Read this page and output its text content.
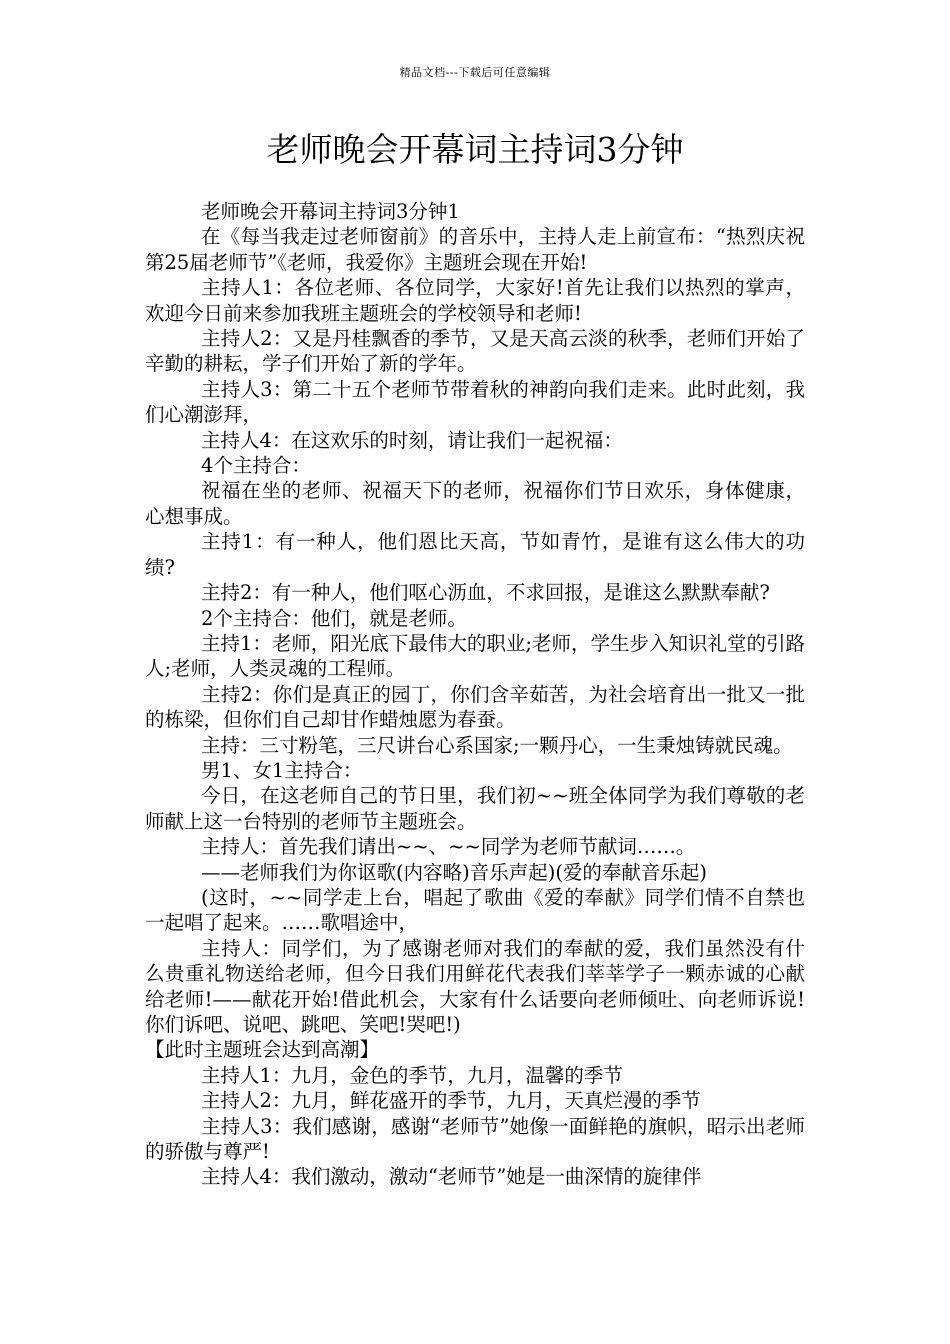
精品文档---下载后可任意编辑
老师晚会开幕词主持词3分钟

老师晚会开幕词主持词3分钟1

在《每当我走过老师窗前》的音乐中，主持人走上前宣布：“热烈庆祝第25届老师节”《老师，我爱你》主题班会现在开始!

主持人1：各位老师、各位同学，大家好!首先让我们以热烈的掌声，欢迎今日前来参加我班主题班会的学校领导和老师!

主持人2：又是丹桂飘香的季节，又是天高云淡的秋季，老师们开始了辛勤的耕耘，学子们开始了新的学年。

主持人3：第二十五个老师节带着秋的神韵向我们走来。此时此刻，我们心潮澎拜，

主持人4：在这欢乐的时刻，请让我们一起祝福：

4个主持合：

祝福在坐的老师、祝福天下的老师，祝福你们节日欢乐，身体健康，心想事成。

主持1：有一种人，他们恩比天高，节如青竹，是谁有这么伟大的功绩?

主持2：有一种人，他们呕心沥血，不求回报，是谁这么默默奉献?

2个主持合：他们，就是老师。

主持1：老师，阳光底下最伟大的职业;老师，学生步入知识礼堂的引路人;老师，人类灵魂的工程师。

主持2：你们是真正的园丁，你们含辛茹苦，为社会培育出一批又一批的栋梁，但你们自己却甘作蜡烛愿为春蚕。

主持：三寸粉笔，三尺讲台心系国家;一颗丹心，一生秉烛铸就民魂。

男1、女1主持合：

今日，在这老师自己的节日里，我们初~~班全体同学为我们尊敬的老师献上这一台特别的老师节主题班会。

主持人：首先我们请出~~、~~同学为老师节献词……。

——老师我们为你讴歌(内容略)音乐声起)(爱的奉献音乐起)

(这时，~~同学走上台，唱起了歌曲《爱的奉献》同学们情不自禁也一起唱了起来。……歌唱途中，

主持人：同学们，为了感谢老师对我们的奉献的爱，我们虽然没有什么贵重礼物送给老师，但今日我们用鲜花代表我们莘莘学子一颗赤诚的心献给老师!——献花开始!借此机会，大家有什么话要向老师倾吐、向老师诉说!你们诉吧、说吧、跳吧、笑吧!哭吧!)

【此时主题班会达到高潮】

主持人1：九月，金色的季节，九月，温馨的季节

主持人2：九月，鲜花盛开的季节，九月，天真烂漫的季节

主持人3：我们感谢，感谢“老师节”她像一面鲜艳的旗帜，昭示出老师的骄傲与尊严!

主持人4：我们激动，激动“老师节”她是一曲深情的旋律伴
